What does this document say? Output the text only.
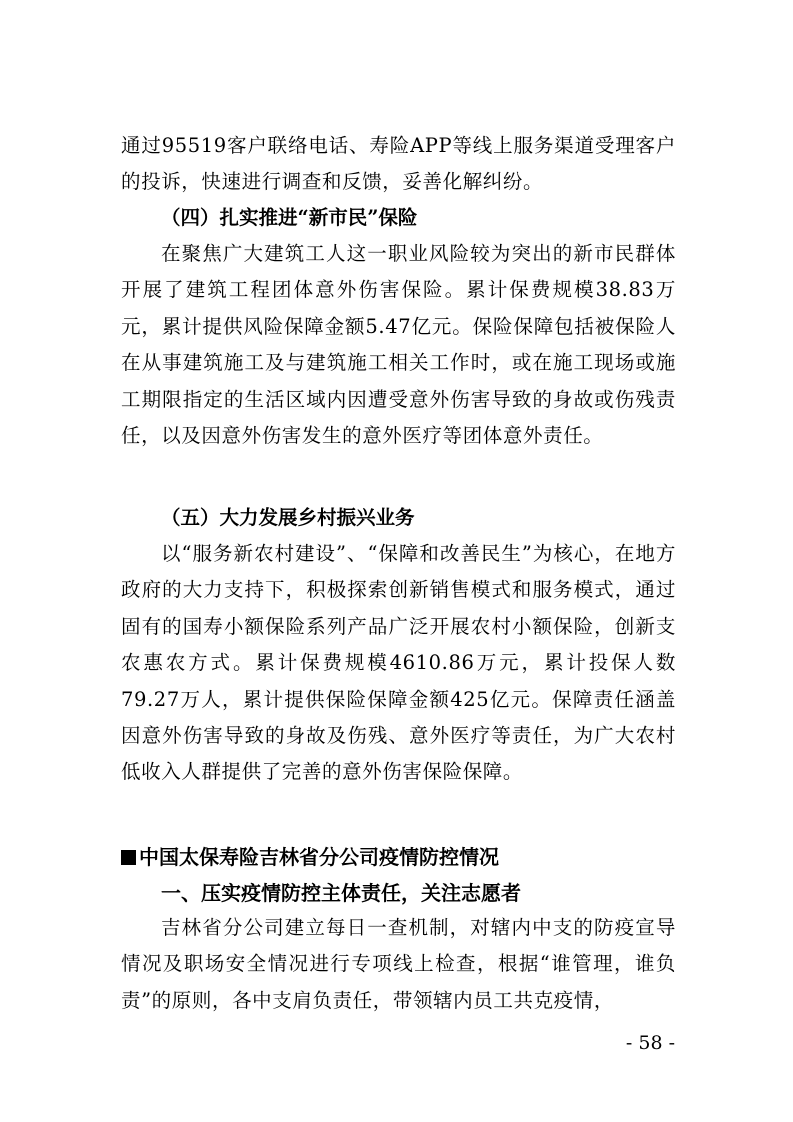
通过95519客户联络电话、寿险APP等线上服务渠道受理客户的投诉，快速进行调查和反馈，妥善化解纠纷。

（四）扎实推进“新市民”保险

在聚焦广大建筑工人这一职业风险较为突出的新市民群体开展了建筑工程团体意外伤害保险。累计保费规模38.83万元，累计提供风险保障金额5.47亿元。保险保障包括被保险人在从事建筑施工及与建筑施工相关工作时，或在施工现场或施工期限指定的生活区域内因遭受意外伤害导致的身故或伤残责任，以及因意外伤害发生的意外医疗等团体意外责任。

（五）大力发展乡村振兴业务

以“服务新农村建设”、“保障和改善民生”为核心，在地方政府的大力支持下，积极探索创新销售模式和服务模式，通过固有的国寿小额保险系列产品广泛开展农村小额保险，创新支农惠农方式。累计保费规模4610.86万元，累计投保人数79.27万人，累计提供保险保障金额425亿元。保障责任涵盖因意外伤害导致的身故及伤残、意外医疗等责任，为广大农村低收入人群提供了完善的意外伤害保险保障。

中国太保寿险吉林省分公司疫情防控情况

一、压实疫情防控主体责任，关注志愿者

吉林省分公司建立每日一查机制，对辖内中支的防疫宣导情况及职场安全情况进行专项线上检查，根据“谁管理，谁负责”的原则，各中支肩负责任，带领辖内员工共克疫情，

- 58 -
